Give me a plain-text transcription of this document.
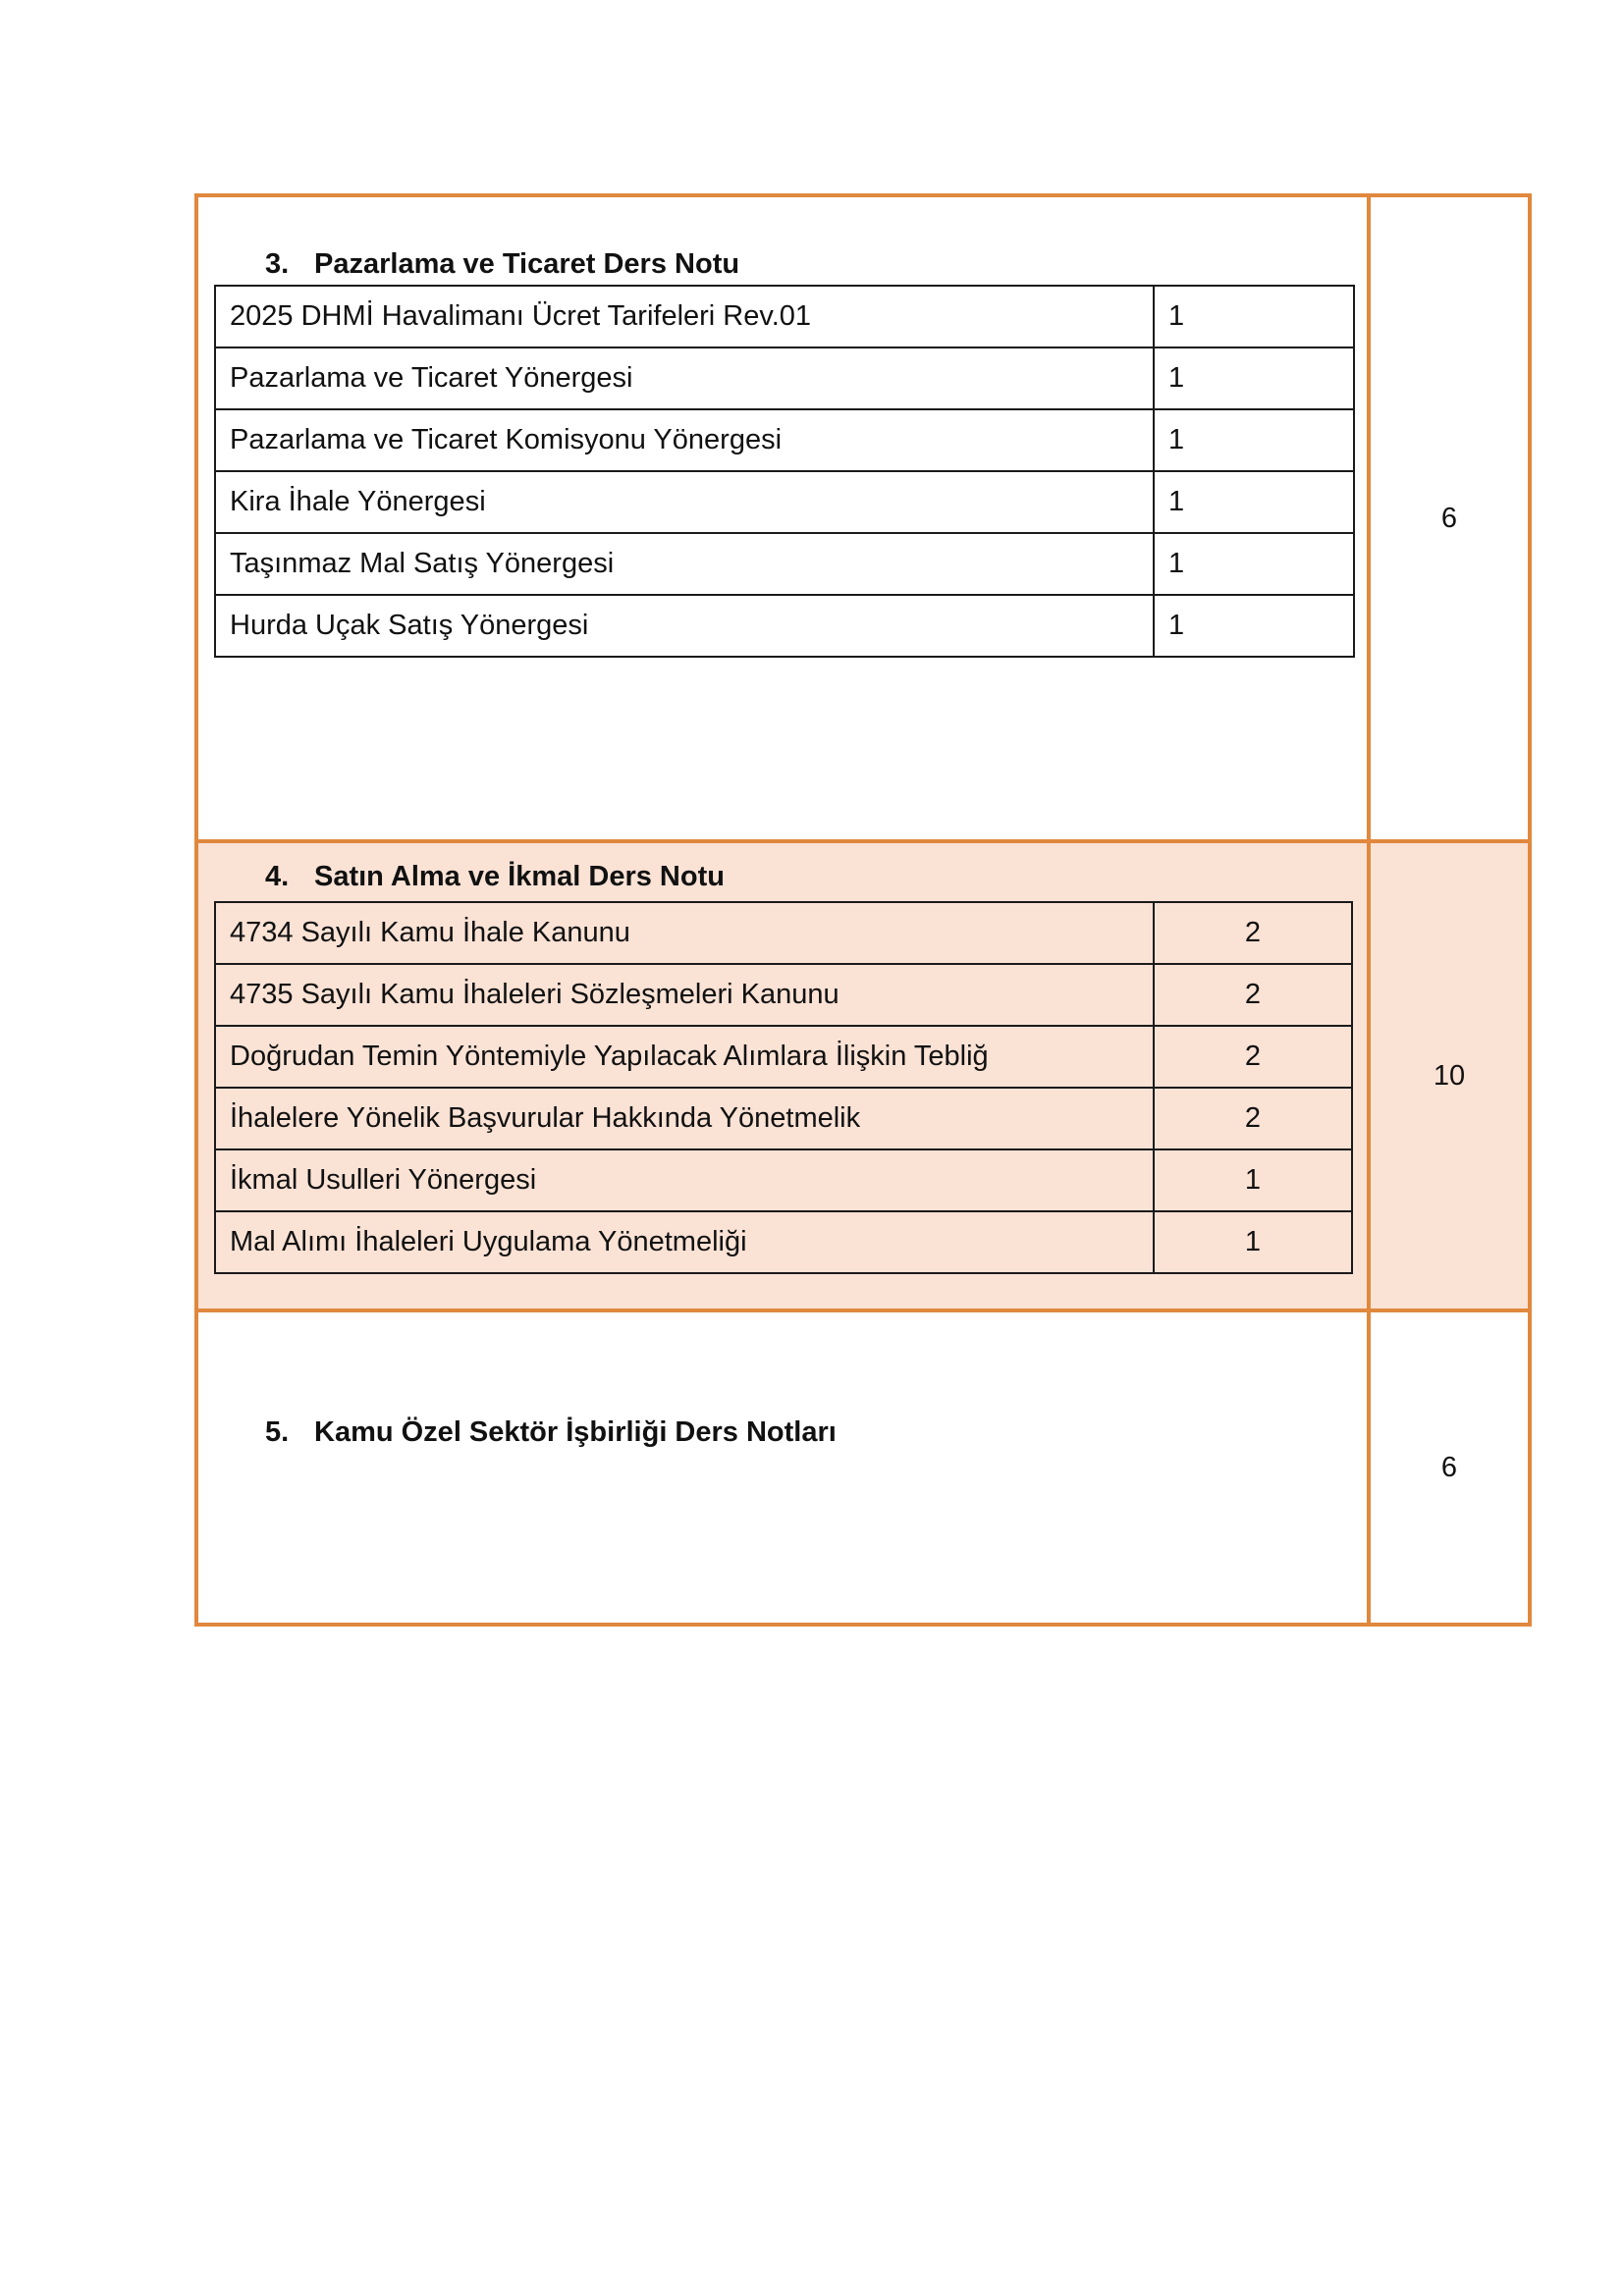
3. Pazarlama ve Ticaret Ders Notu

2025 DHMİ Havalimanı Ücret Tarifeleri Rev.01	1
Pazarlama ve Ticaret Yönergesi	1
Pazarlama ve Ticaret Komisyonu Yönergesi	1
Kira İhale Yönergesi	1
Taşınmaz Mal Satış Yönergesi	1
Hurda Uçak Satış Yönergesi	1
	6

4. Satın Alma ve İkmal Ders Notu

4734 Sayılı Kamu İhale Kanunu	2
4735 Sayılı Kamu İhaleleri Sözleşmeleri Kanunu	2
Doğrudan Temin Yöntemiyle Yapılacak Alımlara İlişkin Tebliğ	2
İhalelere Yönelik Başvurular Hakkında Yönetmelik	2
İkmal Usulleri Yönergesi	1
Mal Alımı İhaleleri Uygulama Yönetmeliği	1
	10

5. Kamu Özel Sektör İşbirliği Ders Notları

	6
